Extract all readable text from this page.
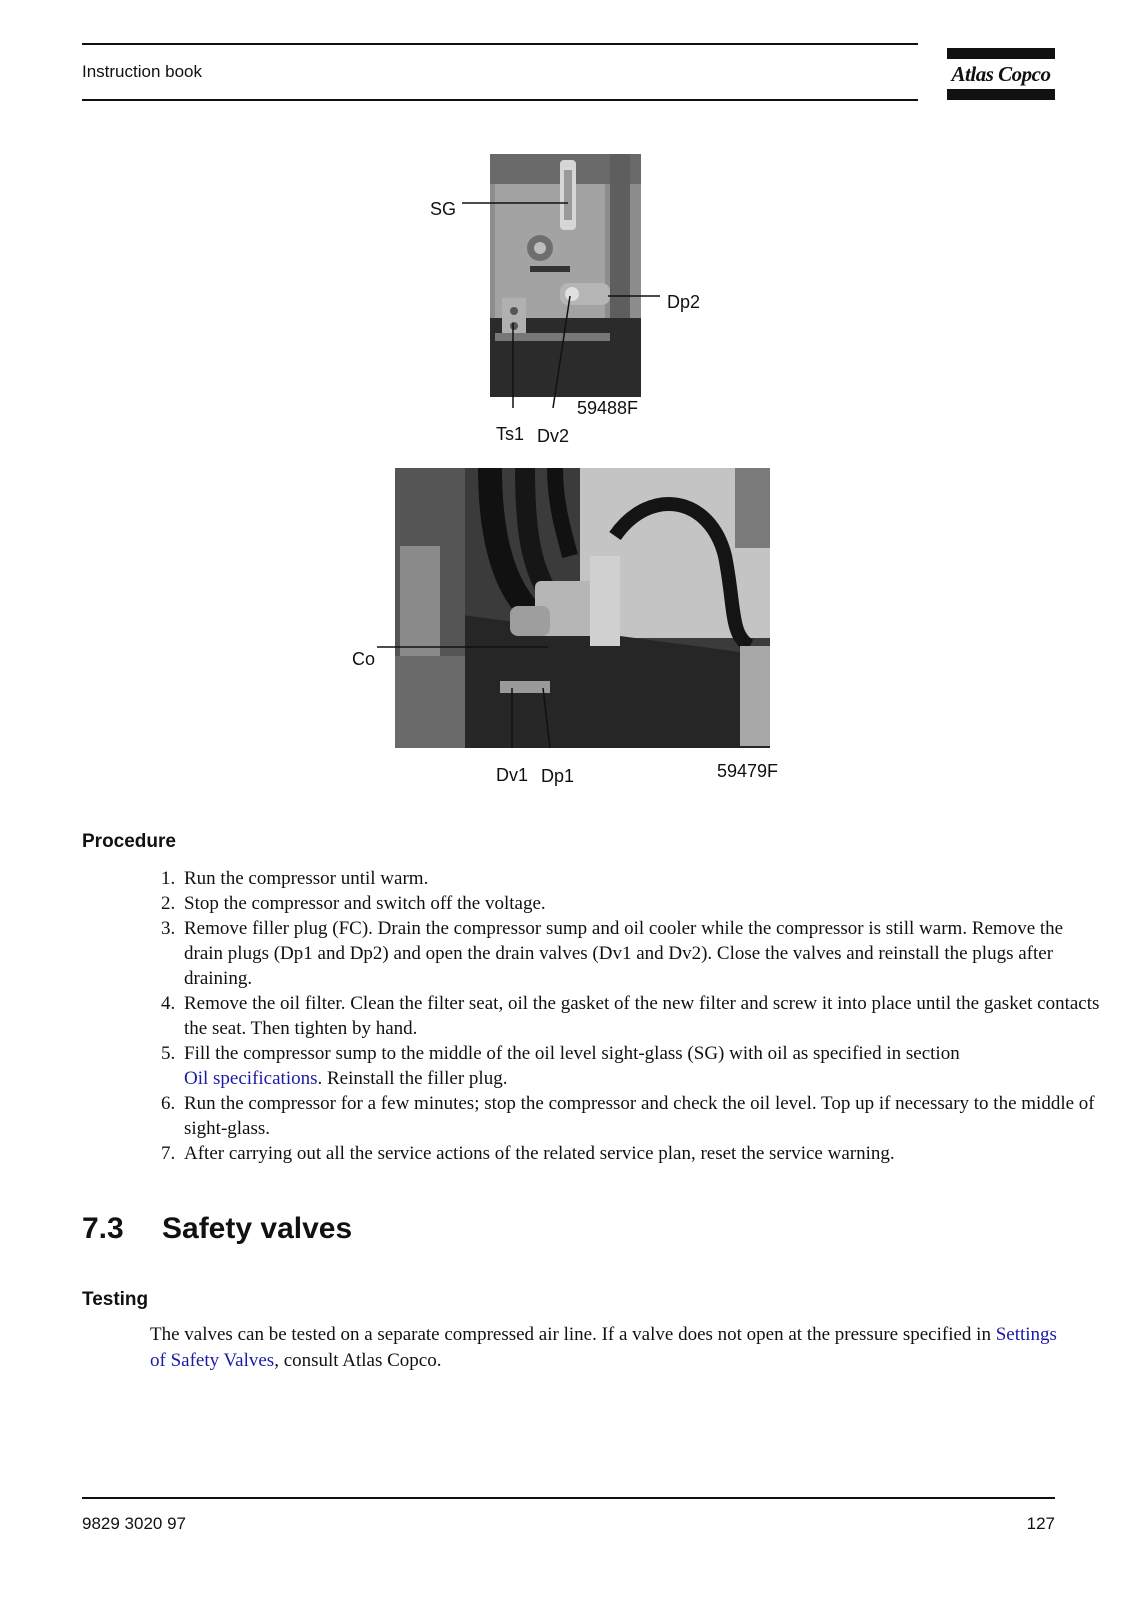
Instruction book	Atlas Copco
SG
Dp2
Ts1 Dv2
59488F
Co
Dv1 Dp1	59479F
Procedure
1. Run the compressor until warm.
2. Stop the compressor and switch off the voltage.
3. Remove filler plug (FC). Drain the compressor sump and oil cooler while the compressor is still warm. Remove the drain plugs (Dp1 and Dp2) and open the drain valves (Dv1 and Dv2). Close the valves and reinstall the plugs after draining.
4. Remove the oil filter. Clean the filter seat, oil the gasket of the new filter and screw it into place until the gasket contacts the seat. Then tighten by hand.
5. Fill the compressor sump to the middle of the oil level sight-glass (SG) with oil as specified in section
Oil specifications. Reinstall the filler plug.
6. Run the compressor for a few minutes; stop the compressor and check the oil level. Top up if necessary to the middle of sight-glass.
7. After carrying out all the service actions of the related service plan, reset the service warning.
7.3 Safety valves
Testing

The valves can be tested on a separate compressed air line. If a valve does not open at the pressure specified in Settings of Safety Valves, consult Atlas Copco.

9829 3020 97	127
